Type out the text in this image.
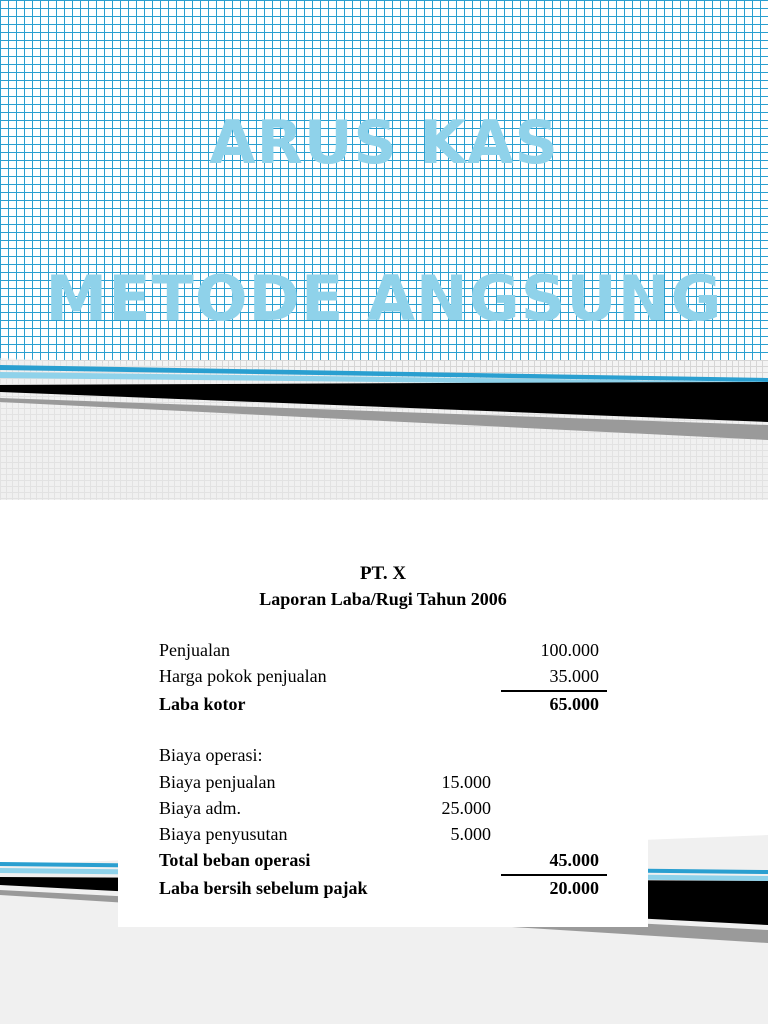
ARUS KAS
METODE ANGSUNG
PT. X
Laporan Laba/Rugi Tahun 2006
Penjualan	100.000
Harga pokok penjualan	35.000
Laba kotor	65.000
Biaya operasi:
Biaya penjualan	15.000
Biaya adm.	25.000
Biaya penyusutan	5.000
Total beban operasi	45.000
Laba bersih sebelum pajak	20.000
